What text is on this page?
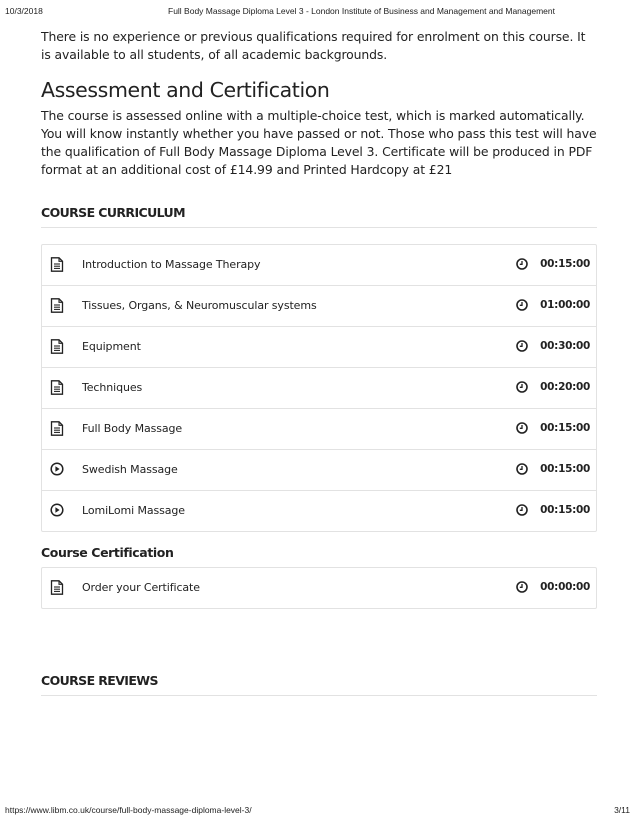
10/3/2018	Full Body Massage Diploma Level 3 - London Institute of Business and Management and Management

There is no experience or previous qualifications required for enrolment on this course. It is available to all students, of all academic backgrounds.

Assessment and Certification

The course is assessed online with a multiple-choice test, which is marked automatically. You will know instantly whether you have passed or not. Those who pass this test will have the qualification of Full Body Massage Diploma Level 3. Certificate will be produced in PDF format at an additional cost of £14.99 and Printed Hardcopy at £21

COURSE CURRICULUM
Introduction to Massage Therapy	00:15:00
Tissues, Organs, & Neuromuscular systems	01:00:00
Equipment	00:30:00
Techniques	00:20:00
Full Body Massage	00:15:00
Swedish Massage	00:15:00
LomiLomi Massage	00:15:00
Course Certification
Order your Certificate	00:00:00
COURSE REVIEWS
https://www.libm.co.uk/course/full-body-massage-diploma-level-3/	3/11
